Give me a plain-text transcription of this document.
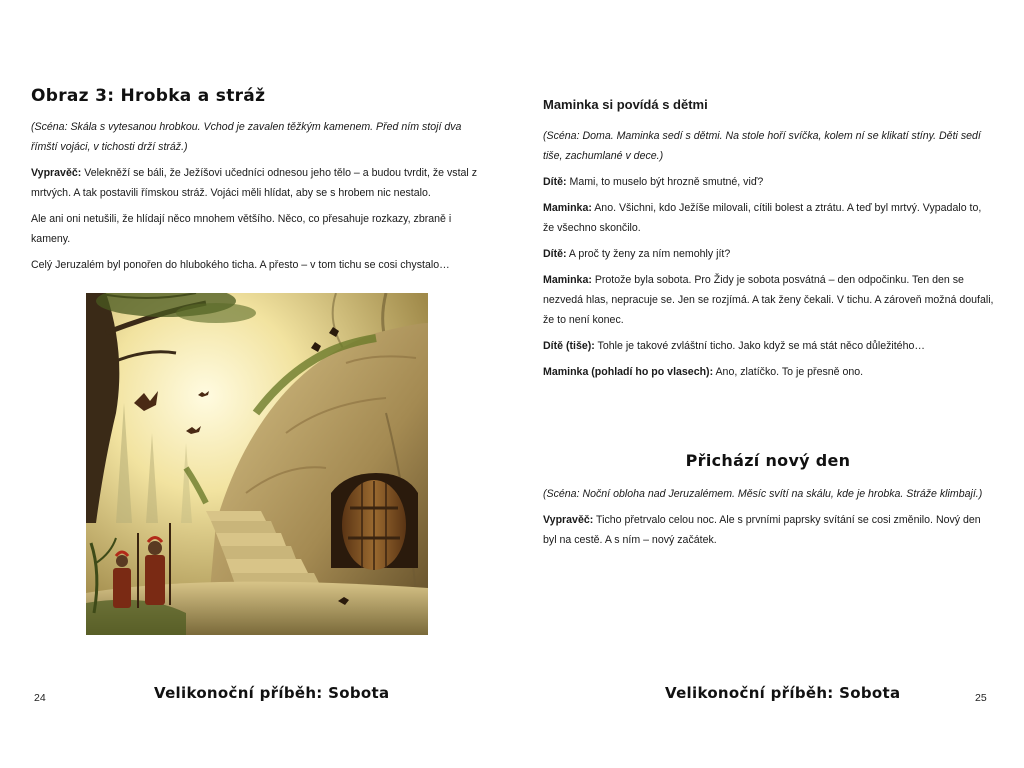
Obraz 3: Hrobka a stráž

(Scéna: Skála s vytesanou hrobkou. Vchod je zavalen těžkým kamenem. Před ním stojí dva římští vojáci, v tichosti drží stráž.)

Vypravěč: Velekněží se báli, že Ježíšovi učedníci odnesou jeho tělo – a budou tvrdit, že vstal z mrtvých. A tak postavili římskou stráž. Vojáci měli hlídat, aby se s hrobem nic nestalo.

Ale ani oni netušili, že hlídají něco mnohem většího. Něco, co přesahuje rozkazy, zbraně i kameny.

Celý Jeruzalém byl ponořen do hlubokého ticha. A přesto – v tom tichu se cosi chystalo…

Velikonoční příběh: Sobota
24
Maminka si povídá s dětmi

(Scéna: Doma. Maminka sedí s dětmi. Na stole hoří svíčka, kolem ní se klikatí stíny. Děti sedí tiše, zachumlané v dece.)

Dítě: Mami, to muselo být hrozně smutné, viď?

Maminka: Ano. Všichni, kdo Ježíše milovali, cítili bolest a ztrátu. A teď byl mrtvý. Vypadalo to, že všechno skončilo.

Dítě: A proč ty ženy za ním nemohly jít?

Maminka: Protože byla sobota. Pro Židy je sobota posvátná – den odpočinku. Ten den se nezvedá hlas, nepracuje se. Jen se rozjímá. A tak ženy čekali. V tichu. A zároveň možná doufali, že to není konec.

Dítě (tiše): Tohle je takové zvláštní ticho. Jako když se má stát něco důležitého…

Maminka (pohladí ho po vlasech): Ano, zlatíčko. To je přesně ono.

Přichází nový den

(Scéna: Noční obloha nad Jeruzalémem. Měsíc svítí na skálu, kde je hrobka. Stráže klimbají.)

Vypravěč: Ticho přetrvalo celou noc. Ale s prvními paprsky svítání se cosi změnilo. Nový den byl na cestě. A s ním – nový začátek.

Velikonoční příběh: Sobota	25
